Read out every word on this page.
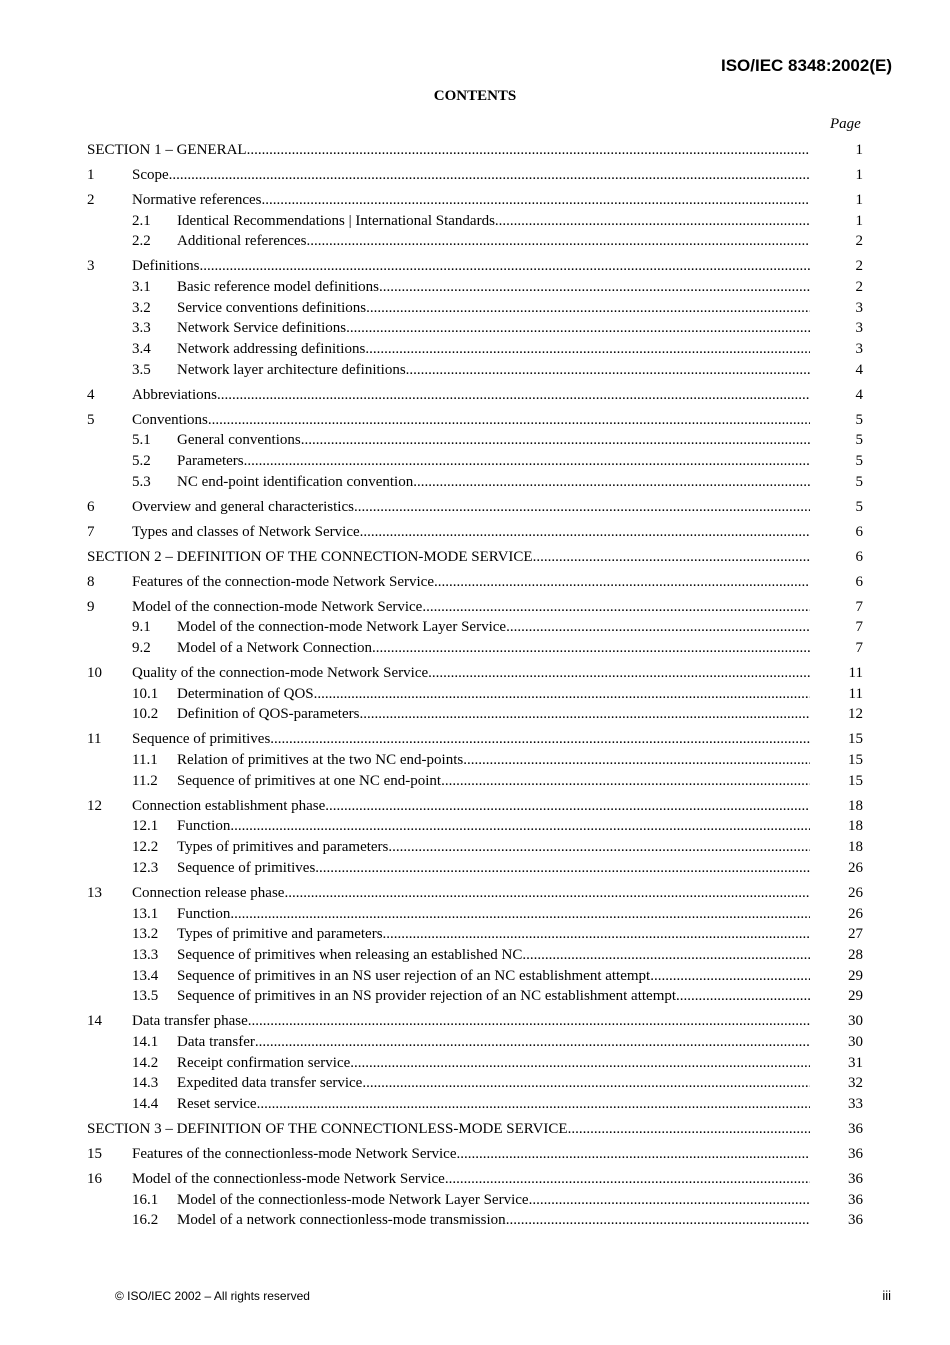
ISO/IEC 8348:2002(E)
CONTENTS
Page
SECTION 1 – GENERAL .....	1
1	Scope .....	1
2	Normative references .....	1
2.1	Identical Recommendations | International Standards .....	1
2.2	Additional references .....	2
3	Definitions .....	2
3.1	Basic reference model definitions .....	2
3.2	Service conventions definitions .....	3
3.3	Network Service definitions .....	3
3.4	Network addressing definitions .....	3
3.5	Network layer architecture definitions .....	4
4	Abbreviations .....	4
5	Conventions .....	5
5.1	General conventions .....	5
5.2	Parameters .....	5
5.3	NC end-point identification convention .....	5
6	Overview and general characteristics .....	5
7	Types and classes of Network Service .....	6
SECTION 2 – DEFINITION OF THE CONNECTION-MODE SERVICE .....	6
8	Features of the connection-mode Network Service .....	6
9	Model of the connection-mode Network Service .....	7
9.1	Model of the connection-mode Network Layer Service .....	7
9.2	Model of a Network Connection .....	7
10	Quality of the connection-mode Network Service .....	11
10.1	Determination of QOS .....	11
10.2	Definition of QOS-parameters .....	12
11	Sequence of primitives .....	15
11.1	Relation of primitives at the two NC end-points .....	15
11.2	Sequence of primitives at one NC end-point .....	15
12	Connection establishment phase .....	18
12.1	Function .....	18
12.2	Types of primitives and parameters .....	18
12.3	Sequence of primitives .....	26
13	Connection release phase .....	26
13.1	Function .....	26
13.2	Types of primitive and parameters .....	27
13.3	Sequence of primitives when releasing an established NC .....	28
13.4	Sequence of primitives in an NS user rejection of an NC establishment attempt .....	29
13.5	Sequence of primitives in an NS provider rejection of an NC establishment attempt .....	29
14	Data transfer phase .....	30
14.1	Data transfer .....	30
14.2	Receipt confirmation service .....	31
14.3	Expedited data transfer service .....	32
14.4	Reset service .....	33
SECTION 3 – DEFINITION OF THE CONNECTIONLESS-MODE SERVICE .....	36
15	Features of the connectionless-mode Network Service .....	36
16	Model of the connectionless-mode Network Service .....	36
16.1	Model of the connectionless-mode Network Layer Service .....	36
16.2	Model of a network connectionless-mode transmission .....	36
© ISO/IEC 2002 – All rights reserved	iii
